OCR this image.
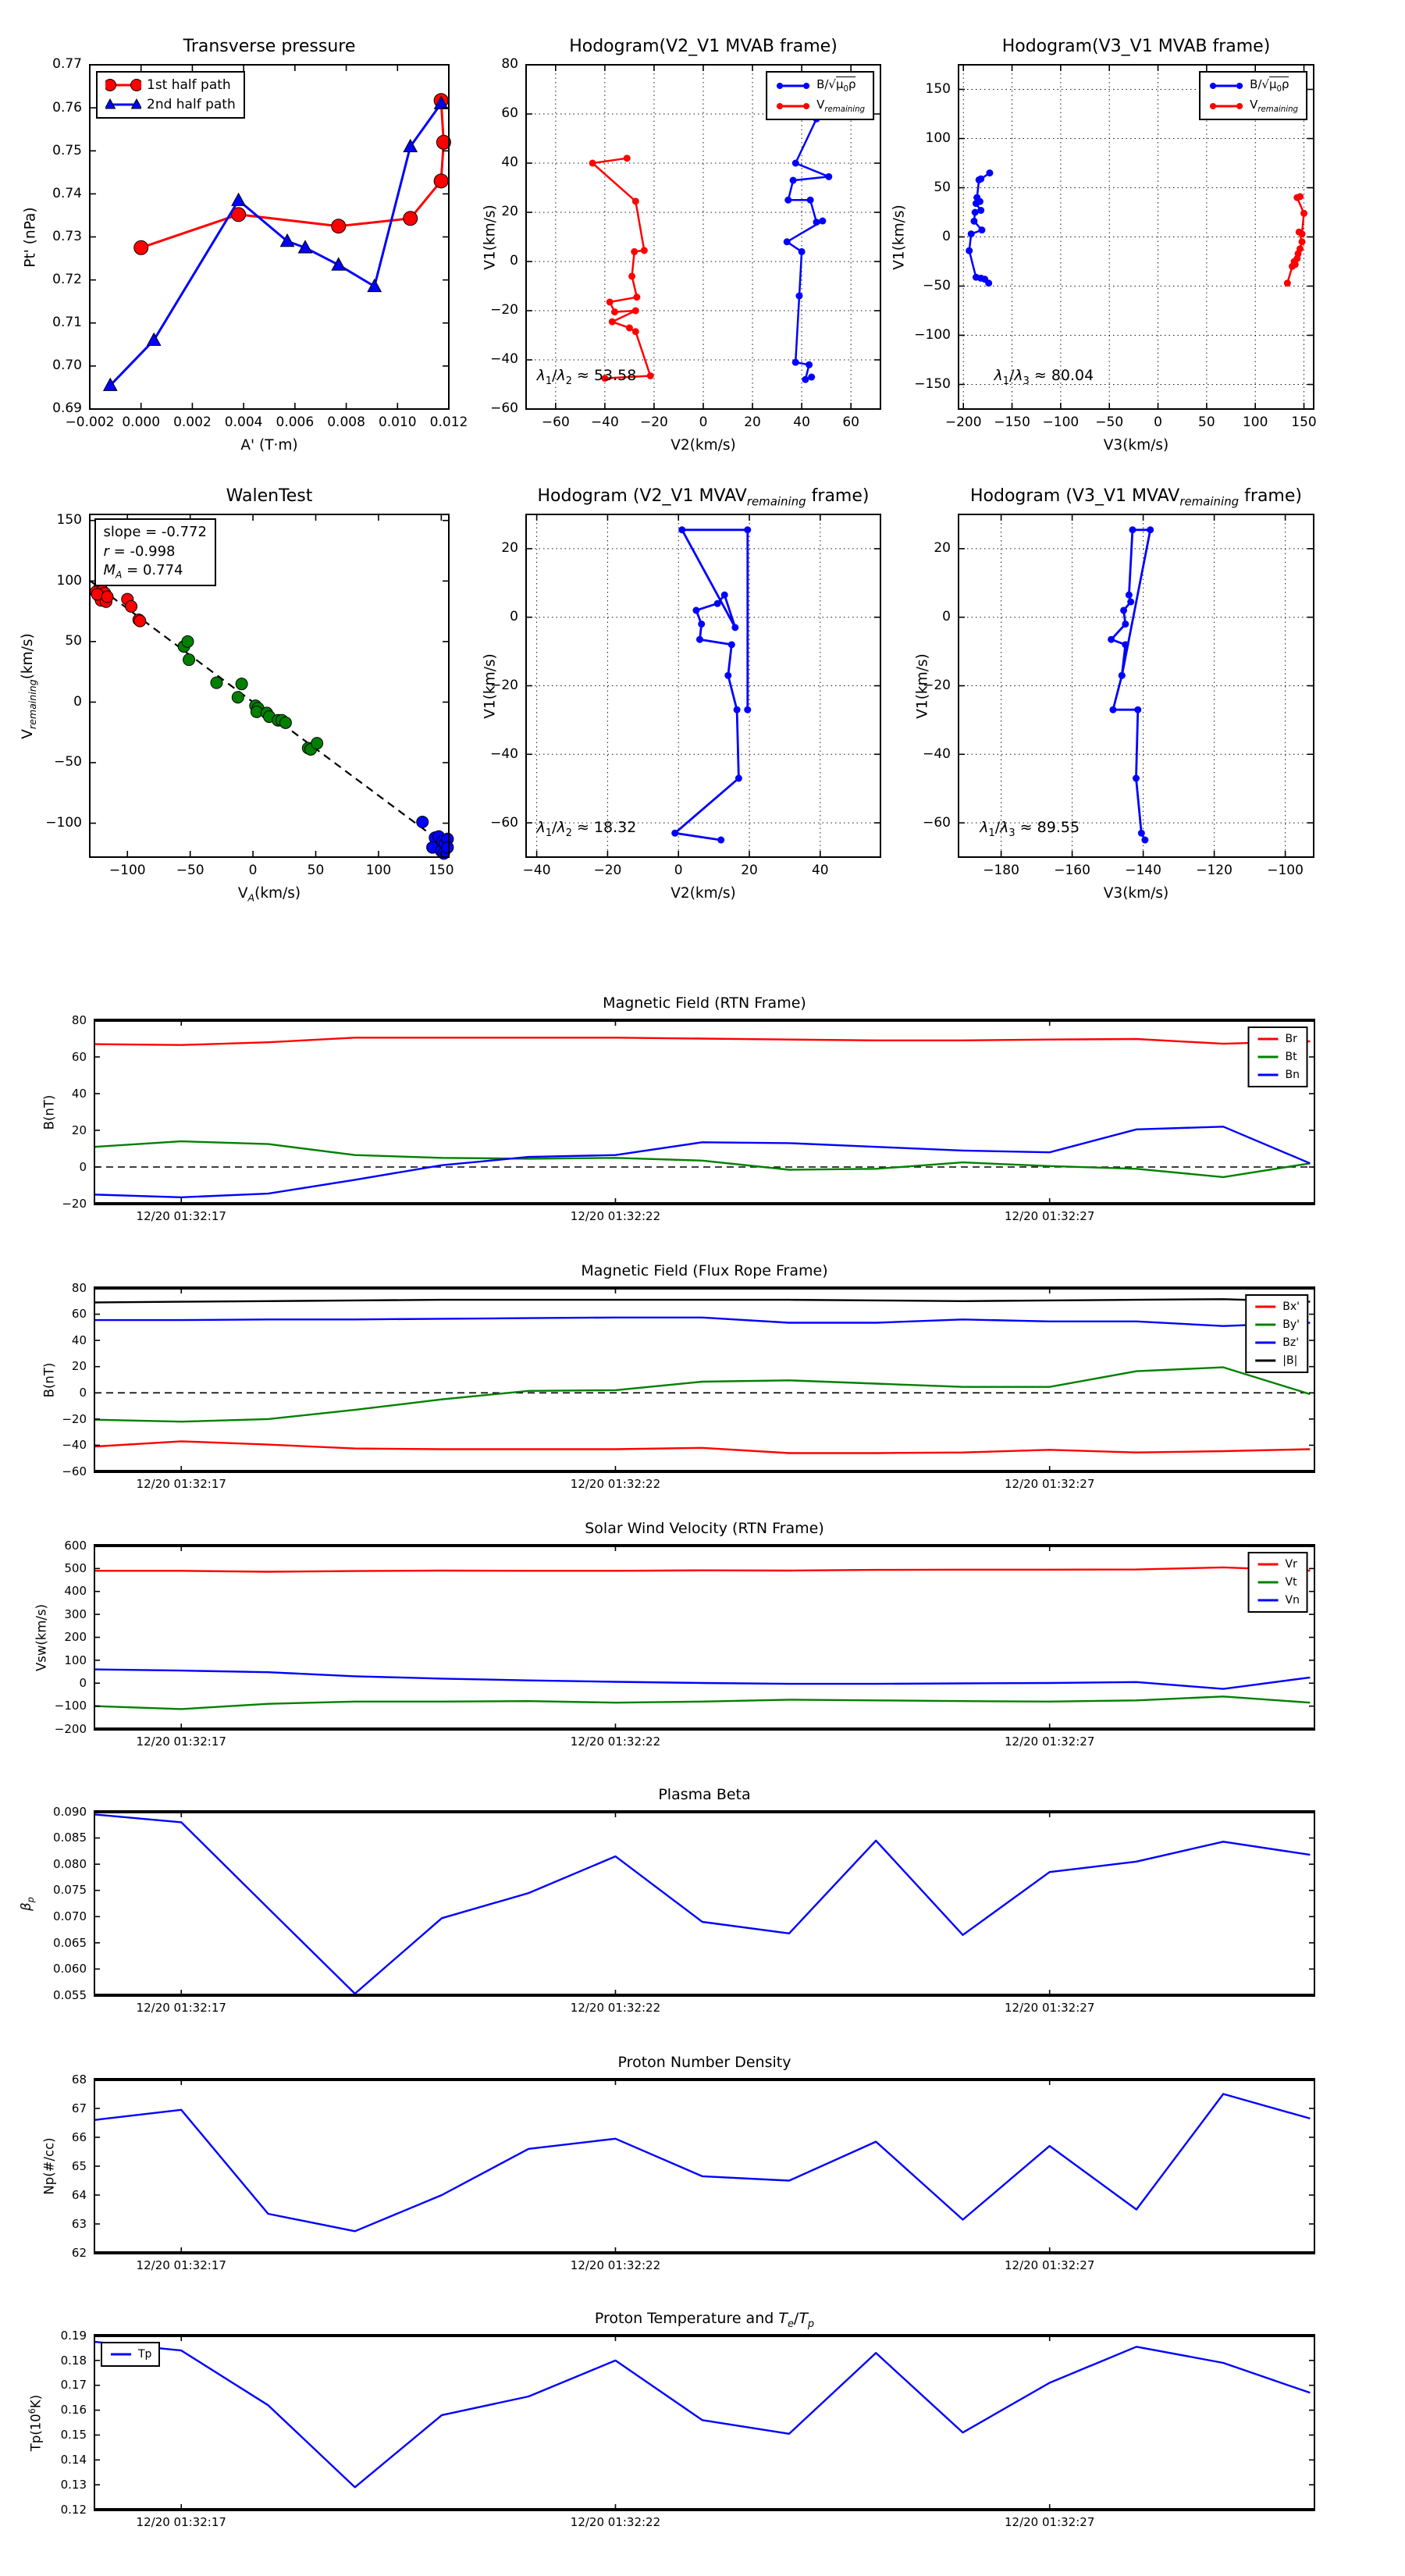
−0.002 0.000 0.002 0.004 0.006 0.008 0.010 0.012
0.69
0.70
0.71
0.72
0.73
0.74
0.75
0.76
0.77
Transverse pressure
A' (T·m)
Pt' (nPa)
1st half path
2nd half path
−60 −40 −20 0	20 40 60
−60
−40
−20
0
20
40
60
80
Hodogram(V2_V1 MVAB frame)
V2(km/s)
V1(km/s)
$B/√\mu_0\rho$
$V_{remaining}$
$\lambda_1/\lambda_2 \approx 53.58$
−200 −150 −100 −50 0	50 100 150
−150
−100
−50
0
50
100
150
Hodogram(V3_V1 MVAB frame)
V3(km/s)
V1(km/s)
$B/√\mu_0\rho$
$V_{remaining}$
$\lambda_1/\lambda_3 \approx 80.04$
−100 −50	0	50	100	150
−100
−50
0
50
100
150
WalenTest
$V_A(km/s)$
$V_{remaining}(km/s)$
slope = -0.772
r = -0.998
$M_A = 0.774$
−40	−20	0	20	40
−60
−40
−20
0
20
Hodogram (V2_V1 $MVAV_{remaining}$ frame)
V2(km/s)
V1(km/s)
$\lambda_1/\lambda_2 \approx 18.32$
−180	−160	−140	−120	−100
−60
−40
−20
0
20
Hodogram (V3_V1 $MVAV_{remaining}$ frame)
V3(km/s)
V1(km/s)
$\lambda_1/\lambda_3 \approx 89.55$
12/20 01:32:17	12/20 01:32:22	12/20 01:32:27
−20
0
20
40
60
80
Magnetic Field (RTN Frame)
B(nT)
Br
Bt
Bn
12/20 01:32:17	12/20 01:32:22	12/20 01:32:27
−60
−40
−20
0
20
40
60
80
Magnetic Field (Flux Rope Frame)
B(nT)
Bx'
By'
Bz'
|B|
12/20 01:32:17	12/20 01:32:22	12/20 01:32:27
−200
−100
0
100
200
300
400
500
600
Solar Wind Velocity (RTN Frame)
Vsw(km/s)
Vr
Vt
Vn
12/20 01:32:17	12/20 01:32:22	12/20 01:32:27
0.055
0.060
0.065
0.070
0.075
0.080
0.085
0.090
Plasma Beta
$\beta_p$
12/20 01:32:17	12/20 01:32:22	12/20 01:32:27
62
63
64
65
66
67
68
Proton Number Density
Np(#/cc)
12/20 01:32:17	12/20 01:32:22	12/20 01:32:27
0.12
0.13
0.14
0.15
0.16
0.17
0.18
0.19
Proton Temperature and $T_e/T_p$
$Tp(10^6K)$
Tp
